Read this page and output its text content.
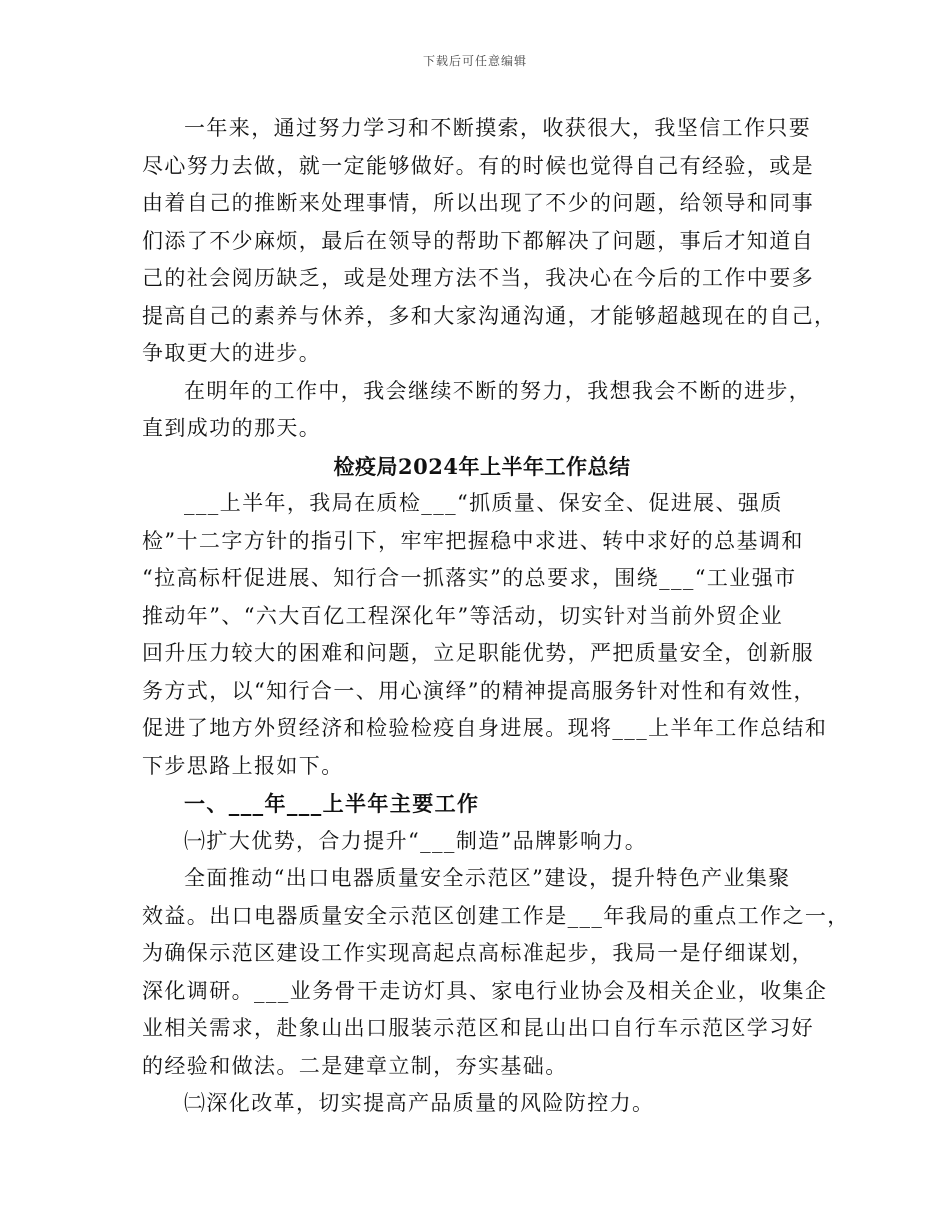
下载后可任意编辑
一年来，通过努力学习和不断摸索，收获很大，我坚信工作只要
尽心努力去做，就一定能够做好。有的时候也觉得自己有经验，或是
由着自己的推断来处理事情，所以出现了不少的问题，给领导和同事
们添了不少麻烦，最后在领导的帮助下都解决了问题，事后才知道自
己的社会阅历缺乏，或是处理方法不当，我决心在今后的工作中要多
提高自己的素养与休养，多和大家沟通沟通，才能够超越现在的自己，
争取更大的进步。
在明年的工作中，我会继续不断的努力，我想我会不断的进步，
直到成功的那天。
检疫局2024年上半年工作总结
___上半年，我局在质检___“抓质量、保安全、促进展、强质
检”十二字方针的指引下，牢牢把握稳中求进、转中求好的总基调和
“拉高标杆促进展、知行合一抓落实”的总要求，围绕___“工业强市
推动年”、“六大百亿工程深化年”等活动，切实针对当前外贸企业
回升压力较大的困难和问题，立足职能优势，严把质量安全，创新服
务方式，以“知行合一、用心演绎”的精神提高服务针对性和有效性，
促进了地方外贸经济和检验检疫自身进展。现将___上半年工作总结和
下步思路上报如下。
一、___年___上半年主要工作
㈠扩大优势，合力提升“___制造”品牌影响力。
全面推动“出口电器质量安全示范区”建设，提升特色产业集聚
效益。出口电器质量安全示范区创建工作是___年我局的重点工作之一，
为确保示范区建设工作实现高起点高标准起步，我局一是仔细谋划，
深化调研。___业务骨干走访灯具、家电行业协会及相关企业，收集企
业相关需求，赴象山出口服装示范区和昆山出口自行车示范区学习好
的经验和做法。二是建章立制，夯实基础。
㈡深化改革，切实提高产品质量的风险防控力。
